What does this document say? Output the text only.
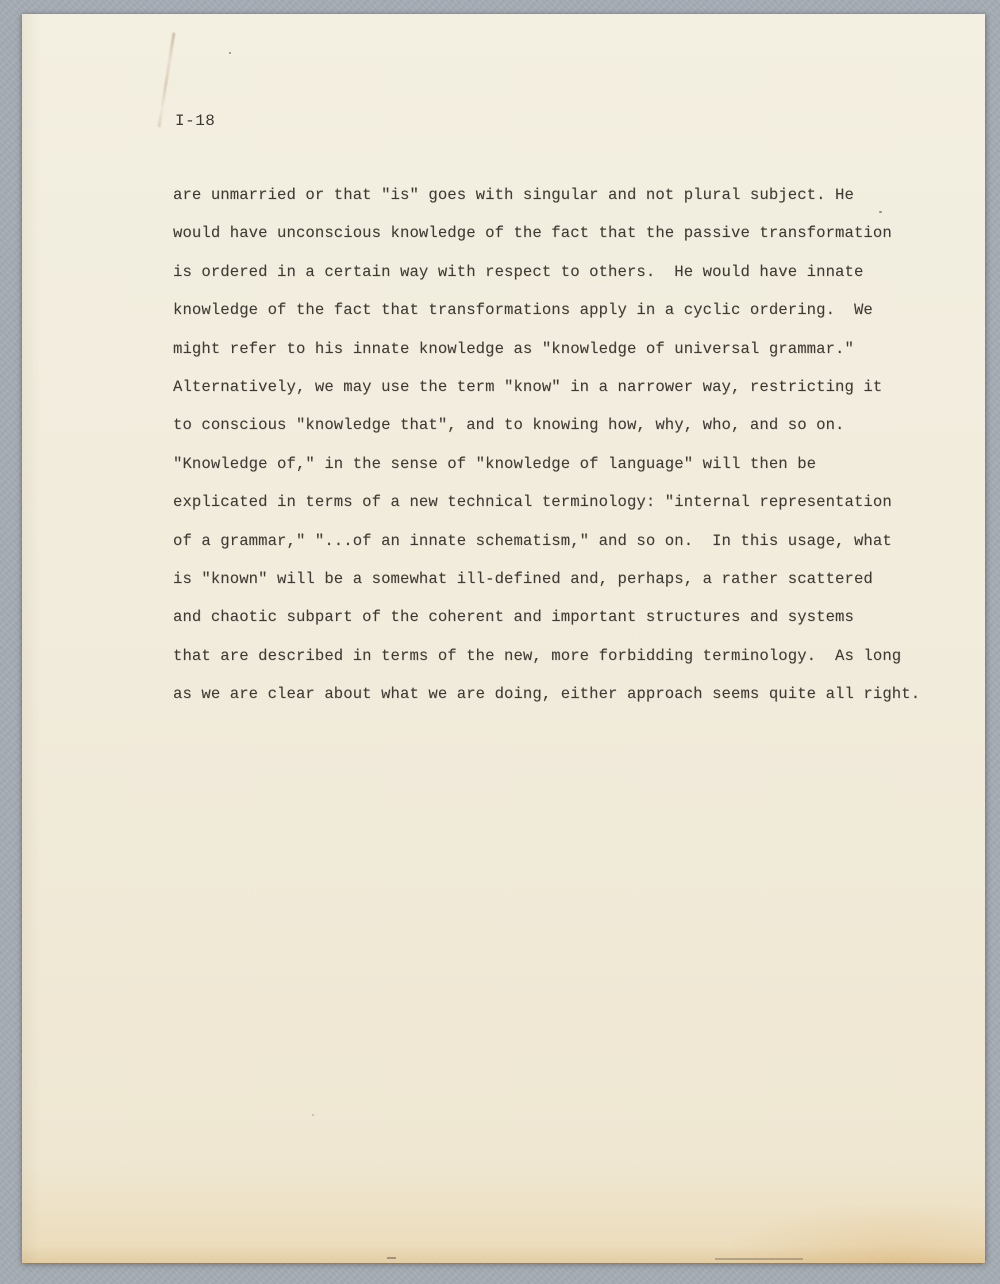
I-18
are unmarried or that "is" goes with singular and not plural subject. He
would have unconscious knowledge of the fact that the passive transformation
is ordered in a certain way with respect to others.  He would have innate
knowledge of the fact that transformations apply in a cyclic ordering.  We
might refer to his innate knowledge as "knowledge of universal grammar."
Alternatively, we may use the term "know" in a narrower way, restricting it
to conscious "knowledge that", and to knowing how, why, who, and so on.
"Knowledge of," in the sense of "knowledge of language" will then be
explicated in terms of a new technical terminology: "internal representation
of a grammar," "...of an innate schematism," and so on.  In this usage, what
is "known" will be a somewhat ill-defined and, perhaps, a rather scattered
and chaotic subpart of the coherent and important structures and systems
that are described in terms of the new, more forbidding terminology.  As long
as we are clear about what we are doing, either approach seems quite all right.
